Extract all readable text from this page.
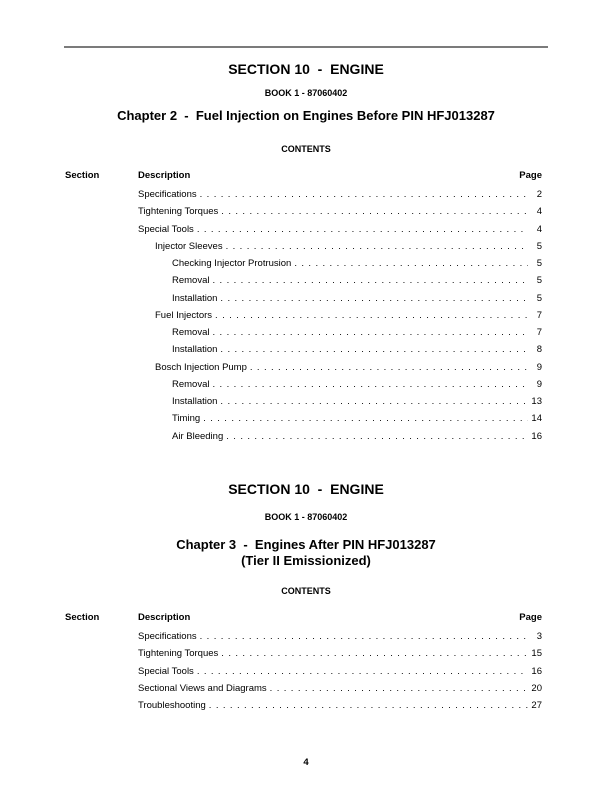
SECTION 10  -  ENGINE
BOOK 1 - 87060402
Chapter 2  -  Fuel Injection on Engines Before PIN HFJ013287
CONTENTS
Section	Description	Page
Specifications .....	2
Tightening Torques .....	4
Special Tools .....	4
Injector Sleeves .....	5
Checking Injector Protrusion .....	5
Removal .....	5
Installation .....	5
Fuel Injectors .....	7
Removal .....	7
Installation .....	8
Bosch Injection Pump .....	9
Removal .....	9
Installation .....	13
Timing .....	14
Air Bleeding .....	16
SECTION 10  -  ENGINE
BOOK 1 - 87060402
Chapter 3  -  Engines After PIN HFJ013287
(Tier II Emissionized)
CONTENTS
Section	Description	Page
Specifications .....	3
Tightening Torques .....	15
Special Tools .....	16
Sectional Views and Diagrams .....	20
Troubleshooting .....	27
4
